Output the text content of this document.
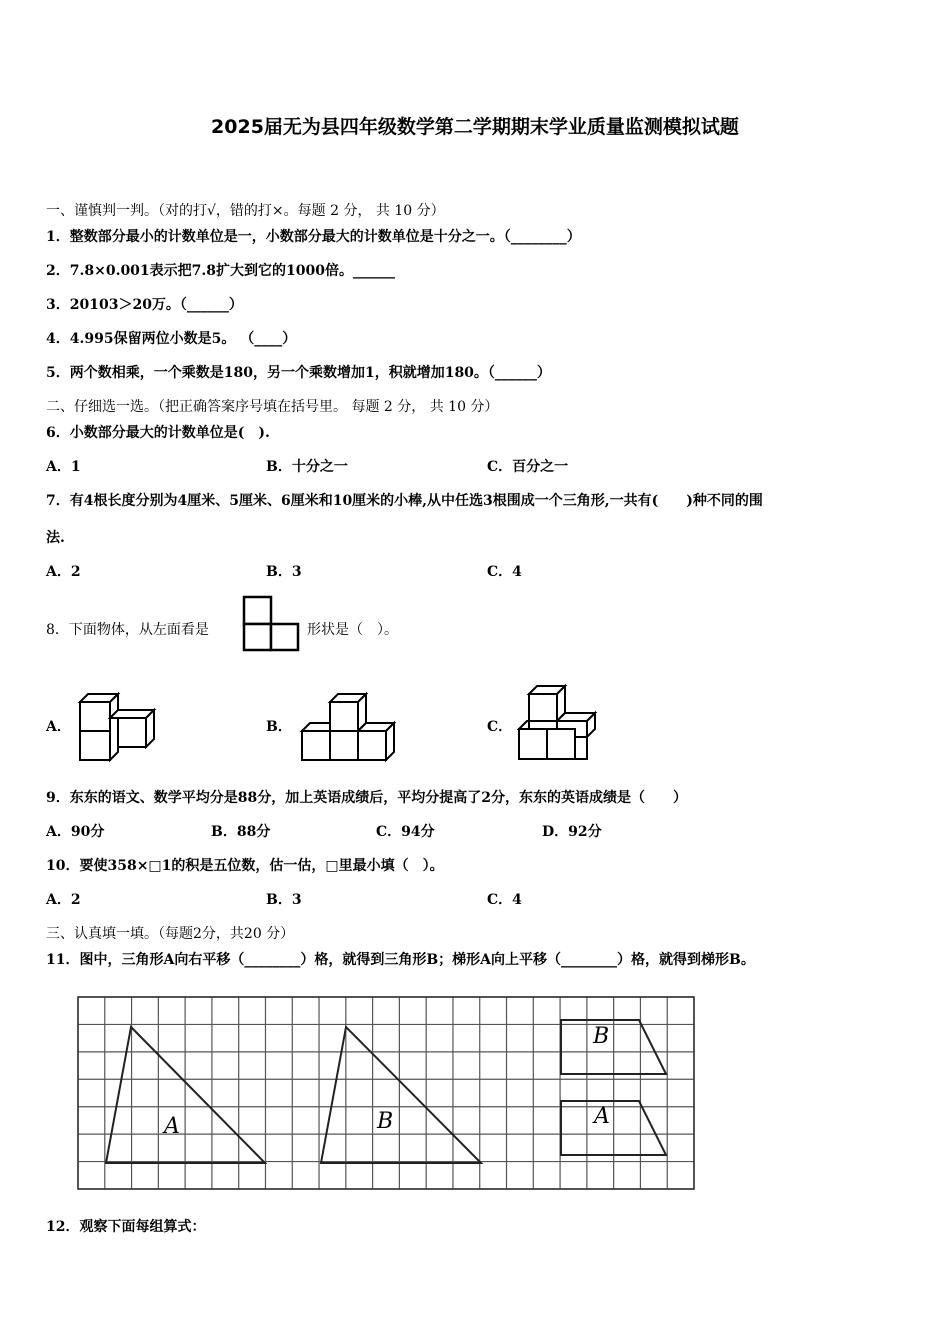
2025届无为县四年级数学第二学期期末学业质量监测模拟试题
一、谨慎判一判。（对的打√，错的打×。每题 2 分， 共 10 分）
1．整数部分最小的计数单位是一，小数部分最大的计数单位是十分之一。（________）
2．7.8×0.001表示把7.8扩大到它的1000倍。______
3．20103＞20万。（______）
4．4.995保留两位小数是5。 （____）
5．两个数相乘，一个乘数是180，另一个乘数增加1，积就增加180。（______）
二、仔细选一选。（把正确答案序号填在括号里。 每题 2 分， 共 10 分）
6．小数部分最大的计数单位是(　).
A．1	B．十分之一	C．百分之一
7．有4根长度分别为4厘米、5厘米、6厘米和10厘米的小棒,从中任选3根围成一个三角形,一共有(　　)种不同的围
法.
A．2	B．3	C．4
8．下面物体，从左面看是	形状是（　）。
A．	B．	C．
9．东东的语文、数学平均分是88分，加上英语成绩后，平均分提高了2分，东东的英语成绩是（　　）
A．90分	B．88分	C．94分	D．92分
10．要使358×□1的积是五位数，估一估，□里最小填（　）。
A．2	B．3	C．4
三、认真填一填。（每题2分，共20 分）
11．图中，三角形A向右平移（________）格，就得到三角形B；梯形A向上平移（________）格，就得到梯形B。
A	B
B
A
12．观察下面每组算式：
